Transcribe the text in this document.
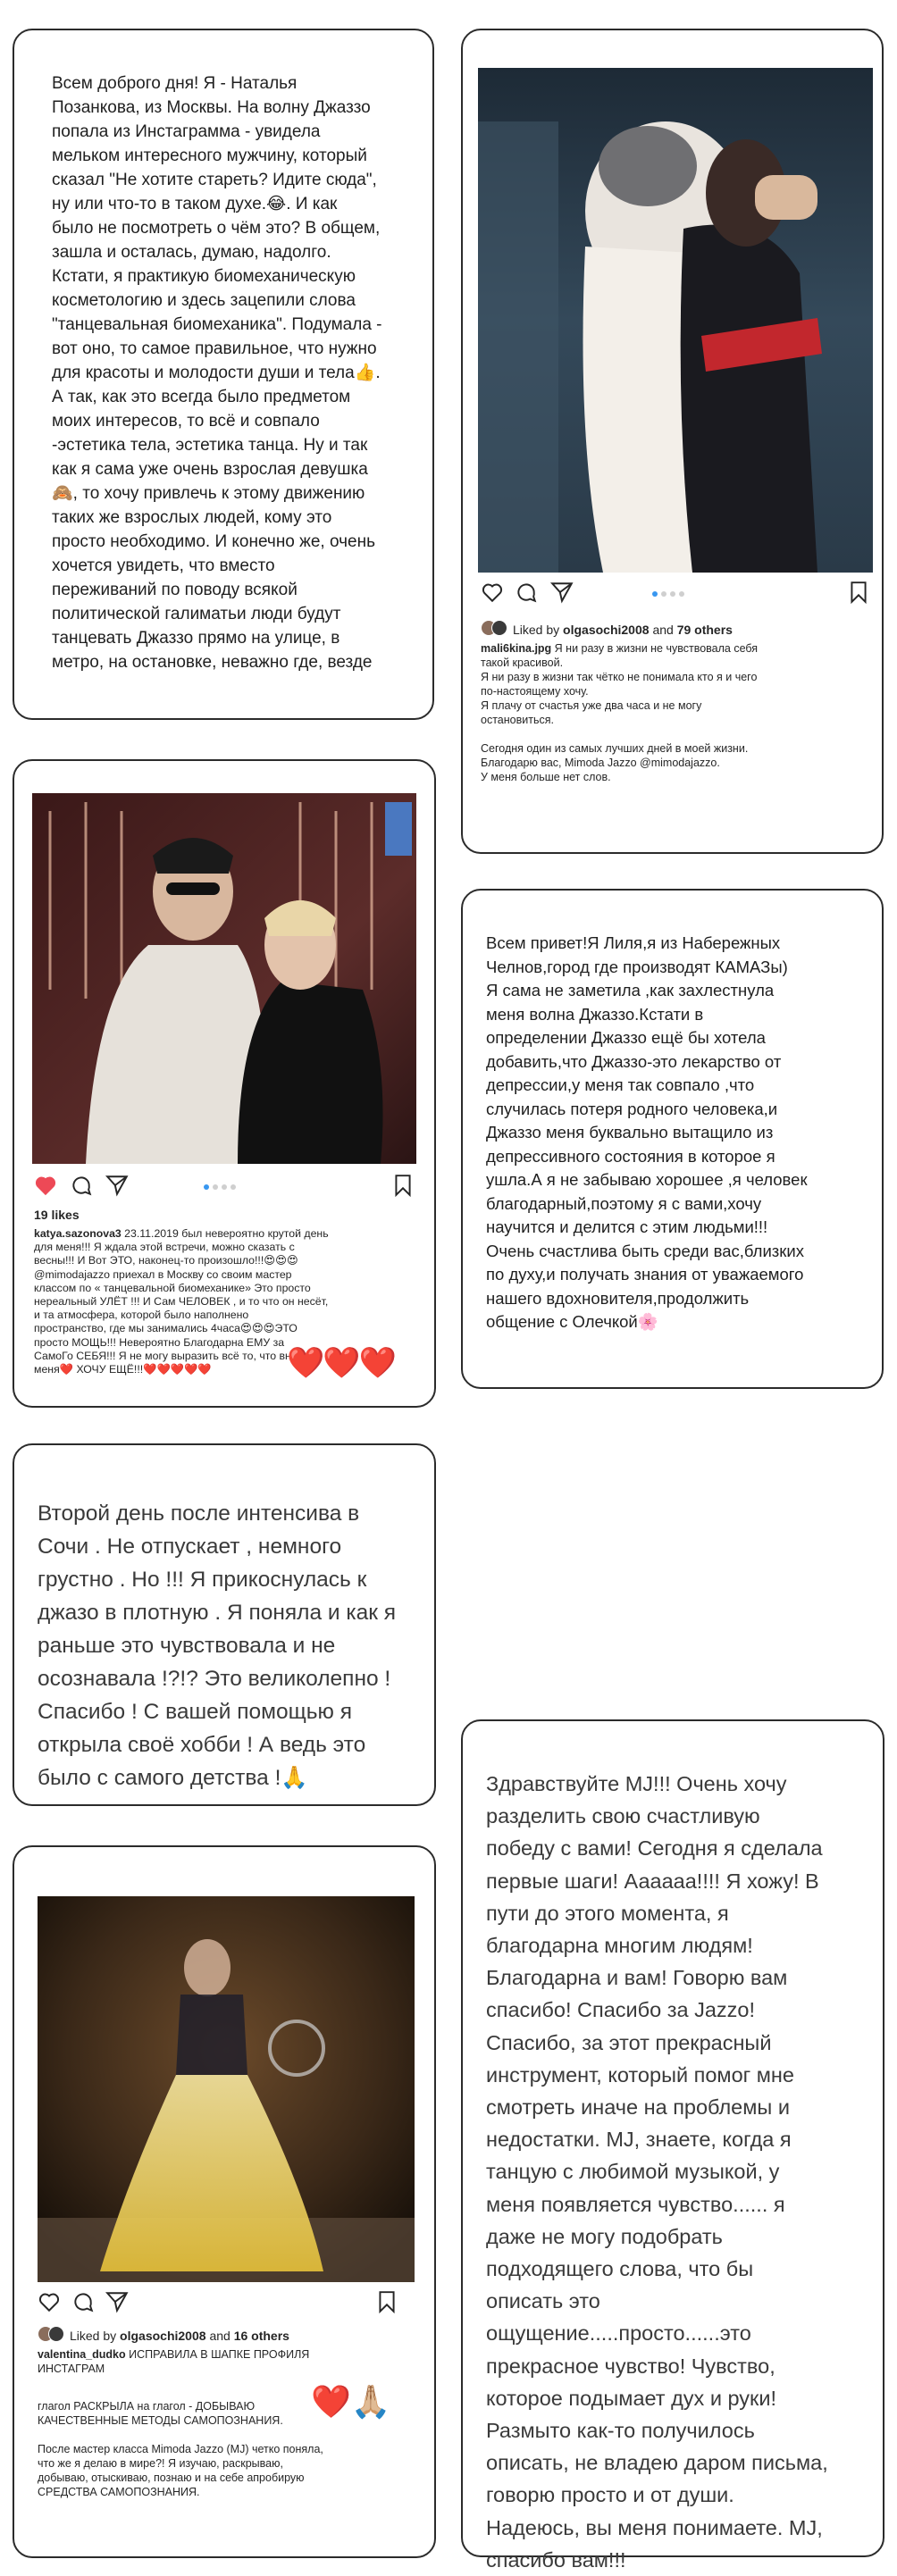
Всем доброго дня! Я - Наталья
Позанкова, из Москвы. На волну Джаззо
попала из Инстаграмма - увидела
мельком интересного мужчину, который
сказал "Не хотите стареть? Идите сюда",
ну или что-то в таком духе.😂. И как
было не посмотреть о чём это? В общем,
зашла и осталась, думаю, надолго.
Кстати, я практикую биомеханическую
косметологию и здесь зацепили слова
"танцевальная биомеханика". Подумала -
вот оно, то самое правильное, что нужно
для красоты и молодости души и тела👍.
А так, как это всегда было предметом
моих интересов, то всё и совпало
-эстетика тела, эстетика танца. Ну и так
как я сама уже очень взрослая девушка
🙈, то хочу привлечь к этому движению
таких же взрослых людей, кому это
просто необходимо. И конечно же, очень
хочется увидеть, что вместо
переживаний по поводу всякой
политической галиматьи люди будут
танцевать Джаззо прямо на улице, в
метро, на остановке, неважно где, везде

Liked by olgasochi2008 and 79 others
mali6kina.jpg Я ни разу в жизни не чувствовала себя
такой красивой.
Я ни разу в жизни так чётко не понимала кто я и чего
по-настоящему хочу.
Я плачу от счастья уже два часа и не могу
остановиться.

Сегодня один из самых лучших дней в моей жизни.
Благодарю вас, Mimoda Jazzo @mimodajazzo.
У меня больше нет слов.
19 likes
katya.sazonova3 23.11.2019 был невероятно крутой день
для меня!!! Я ждала этой встречи, можно сказать с
весны!!! И Вот ЭТО, наконец-то произошло!!!😍😍😍
@mimodajazzo приехал в Москву со своим мастер
классом по « танцевальной биомеханике» Это просто
нереальный УЛЁТ !!! И Сам ЧЕЛОВЕК , и то что он несёт,
и та атмосфера, которой было наполнено
пространство, где мы занимались 4часа😍😍😍ЭТО
просто МОЩЬ!!! Невероятно Благодарна ЕМУ за
СамоГо СЕБЯ!!! Я не могу выразить всё то, что внутри
меня❤️ ХОЧУ ЕЩЁ!!!❤️❤️❤️❤️❤️	❤️❤️❤️

Всем привет!Я Лиля,я из Набережных
Челнов,город где производят КАМАЗы)
Я сама не заметила ,как захлестнула
меня волна Джаззо.Кстати в
определении Джаззо ещё бы хотела
добавить,что Джаззо-это лекарство от
депрессии,у меня так совпало ,что
случилась потеря родного человека,и
Джаззо меня буквально вытащило из
депрессивного состояния в которое я
ушла.А я не забываю хорошее ,я человек
благодарный,поэтому я с вами,хочу
научится и делится с этим людьми!!!
Очень счастлива быть среди вас,близких
по духу,и получать знания от уважаемого
нашего вдохновителя,продолжить
общение с Олечкой🌸

Второй день после интенсива в
Сочи . Не отпускает , немного
грустно . Но !!! Я прикоснулась к
джазо в плотную . Я поняла и как я
раньше это чувствовала и не
осознавала !?!? Это великолепно !
Спасибо ! С вашей помощью я
открыла своё хобби ! А ведь это
было с самого детства !🙏	Здравствуйте MJ!!! Очень хочу
разделить свою счастливую
победу с вами! Сегодня я сделала
первые шаги! Аааааа!!!! Я хожу! В
пути до этого момента, я
благодарна многим людям!
Благодарна и вам! Говорю вам
спасибо! Спасибо за Jazzo!
Спасибо, за этот прекрасный
инструмент, который помог мне
смотреть иначе на проблемы и
недостатки. MJ, знаете, когда я
танцую с любимой музыкой, у
меня появляется чувство...... я
даже не могу подобрать
подходящего слова, что бы
описать это
ощущение.....просто......это
прекрасное чувство! Чувство,
которое подымает дух и руки!
Размыто как-то получилось
описать, не владею даром письма,
говорю просто и от души.
Надеюсь, вы меня понимаете. MJ,
спасибо вам!!!

Liked by olgasochi2008 and 16 others
valentina_dudko ИСПРАВИЛА В ШАПКЕ ПРОФИЛЯ
ИНСТАГРАМ
глагол РАСКРЫЛА на глагол - ДОБЫВАЮ
КАЧЕСТВЕННЫЕ МЕТОДЫ САМОПОЗНАНИЯ.
❤️🙏🏼
После мастер класса Mimoda Jazzo (MJ) четко поняла,
что же я делаю в мире?! Я изучаю, раскрываю,
добываю, отыскиваю, познаю и на себе апробирую
СРЕДСТВА САМОПОЗНАНИЯ.
